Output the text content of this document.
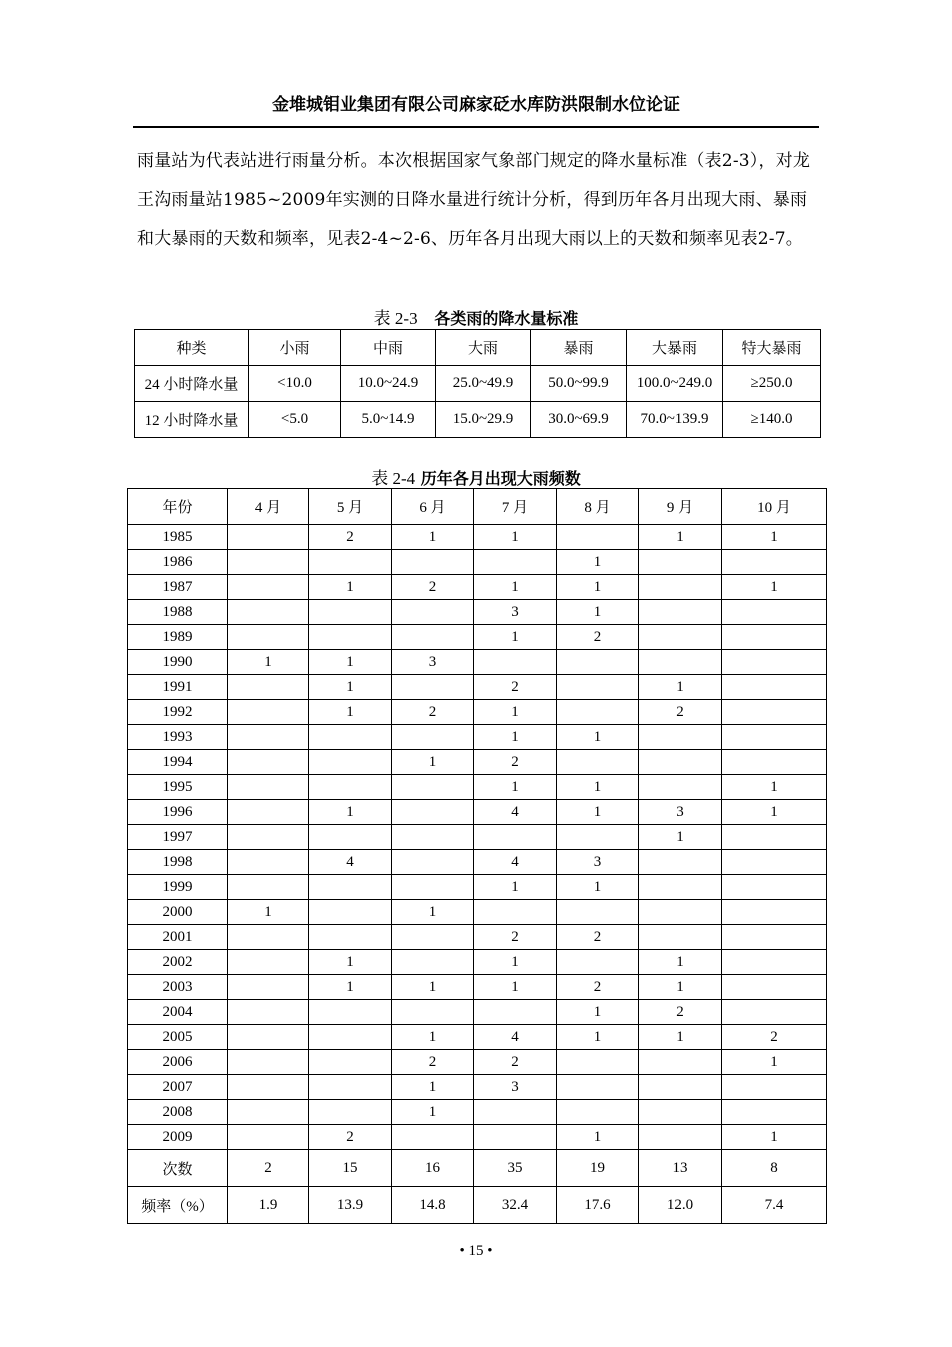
金堆城钼业集团有限公司麻家砭水库防洪限制水位论证

雨量站为代表站进行雨量分析。本次根据国家气象部门规定的降水量标准（表2-3），对龙王沟雨量站1985~2009年实测的日降水量进行统计分析，得到历年各月出现大雨、暴雨和大暴雨的天数和频率，见表2-4~2-6、历年各月出现大雨以上的天数和频率见表2-7。

表 2-3 各类雨的降水量标准
种类	小雨	中雨	大雨	暴雨	大暴雨	特大暴雨
24 小时降水量	<10.0	10.0~24.9	25.0~49.9	50.0~99.9	100.0~249.0	≥250.0
12 小时降水量	<5.0	5.0~14.9	15.0~29.9	30.0~69.9	70.0~139.9	≥140.0
表 2-4 历年各月出现大雨频数
年份	4 月	5 月	6 月	7 月	8 月	9 月	10 月
1985		2	1	1		1	1
1986					1		
1987		1	2	1	1		1
1988				3	1		
1989				1	2		
1990	1	1	3				
1991		1		2		1	
1992		1	2	1		2	
1993				1	1		
1994			1	2			
1995				1	1		1
1996		1		4	1	3	1
1997						1	
1998		4		4	3		
1999				1	1		
2000	1		1				
2001				2	2		
2002		1		1		1	
2003		1	1	1	2	1	
2004					1	2	
2005			1	4	1	1	2
2006			2	2			1
2007			1	3			
2008			1				
2009		2			1		1
次数	2	15	16	35	19	13	8
频率（%）	1.9	13.9	14.8	32.4	17.6	12.0	7.4
• 15 •
